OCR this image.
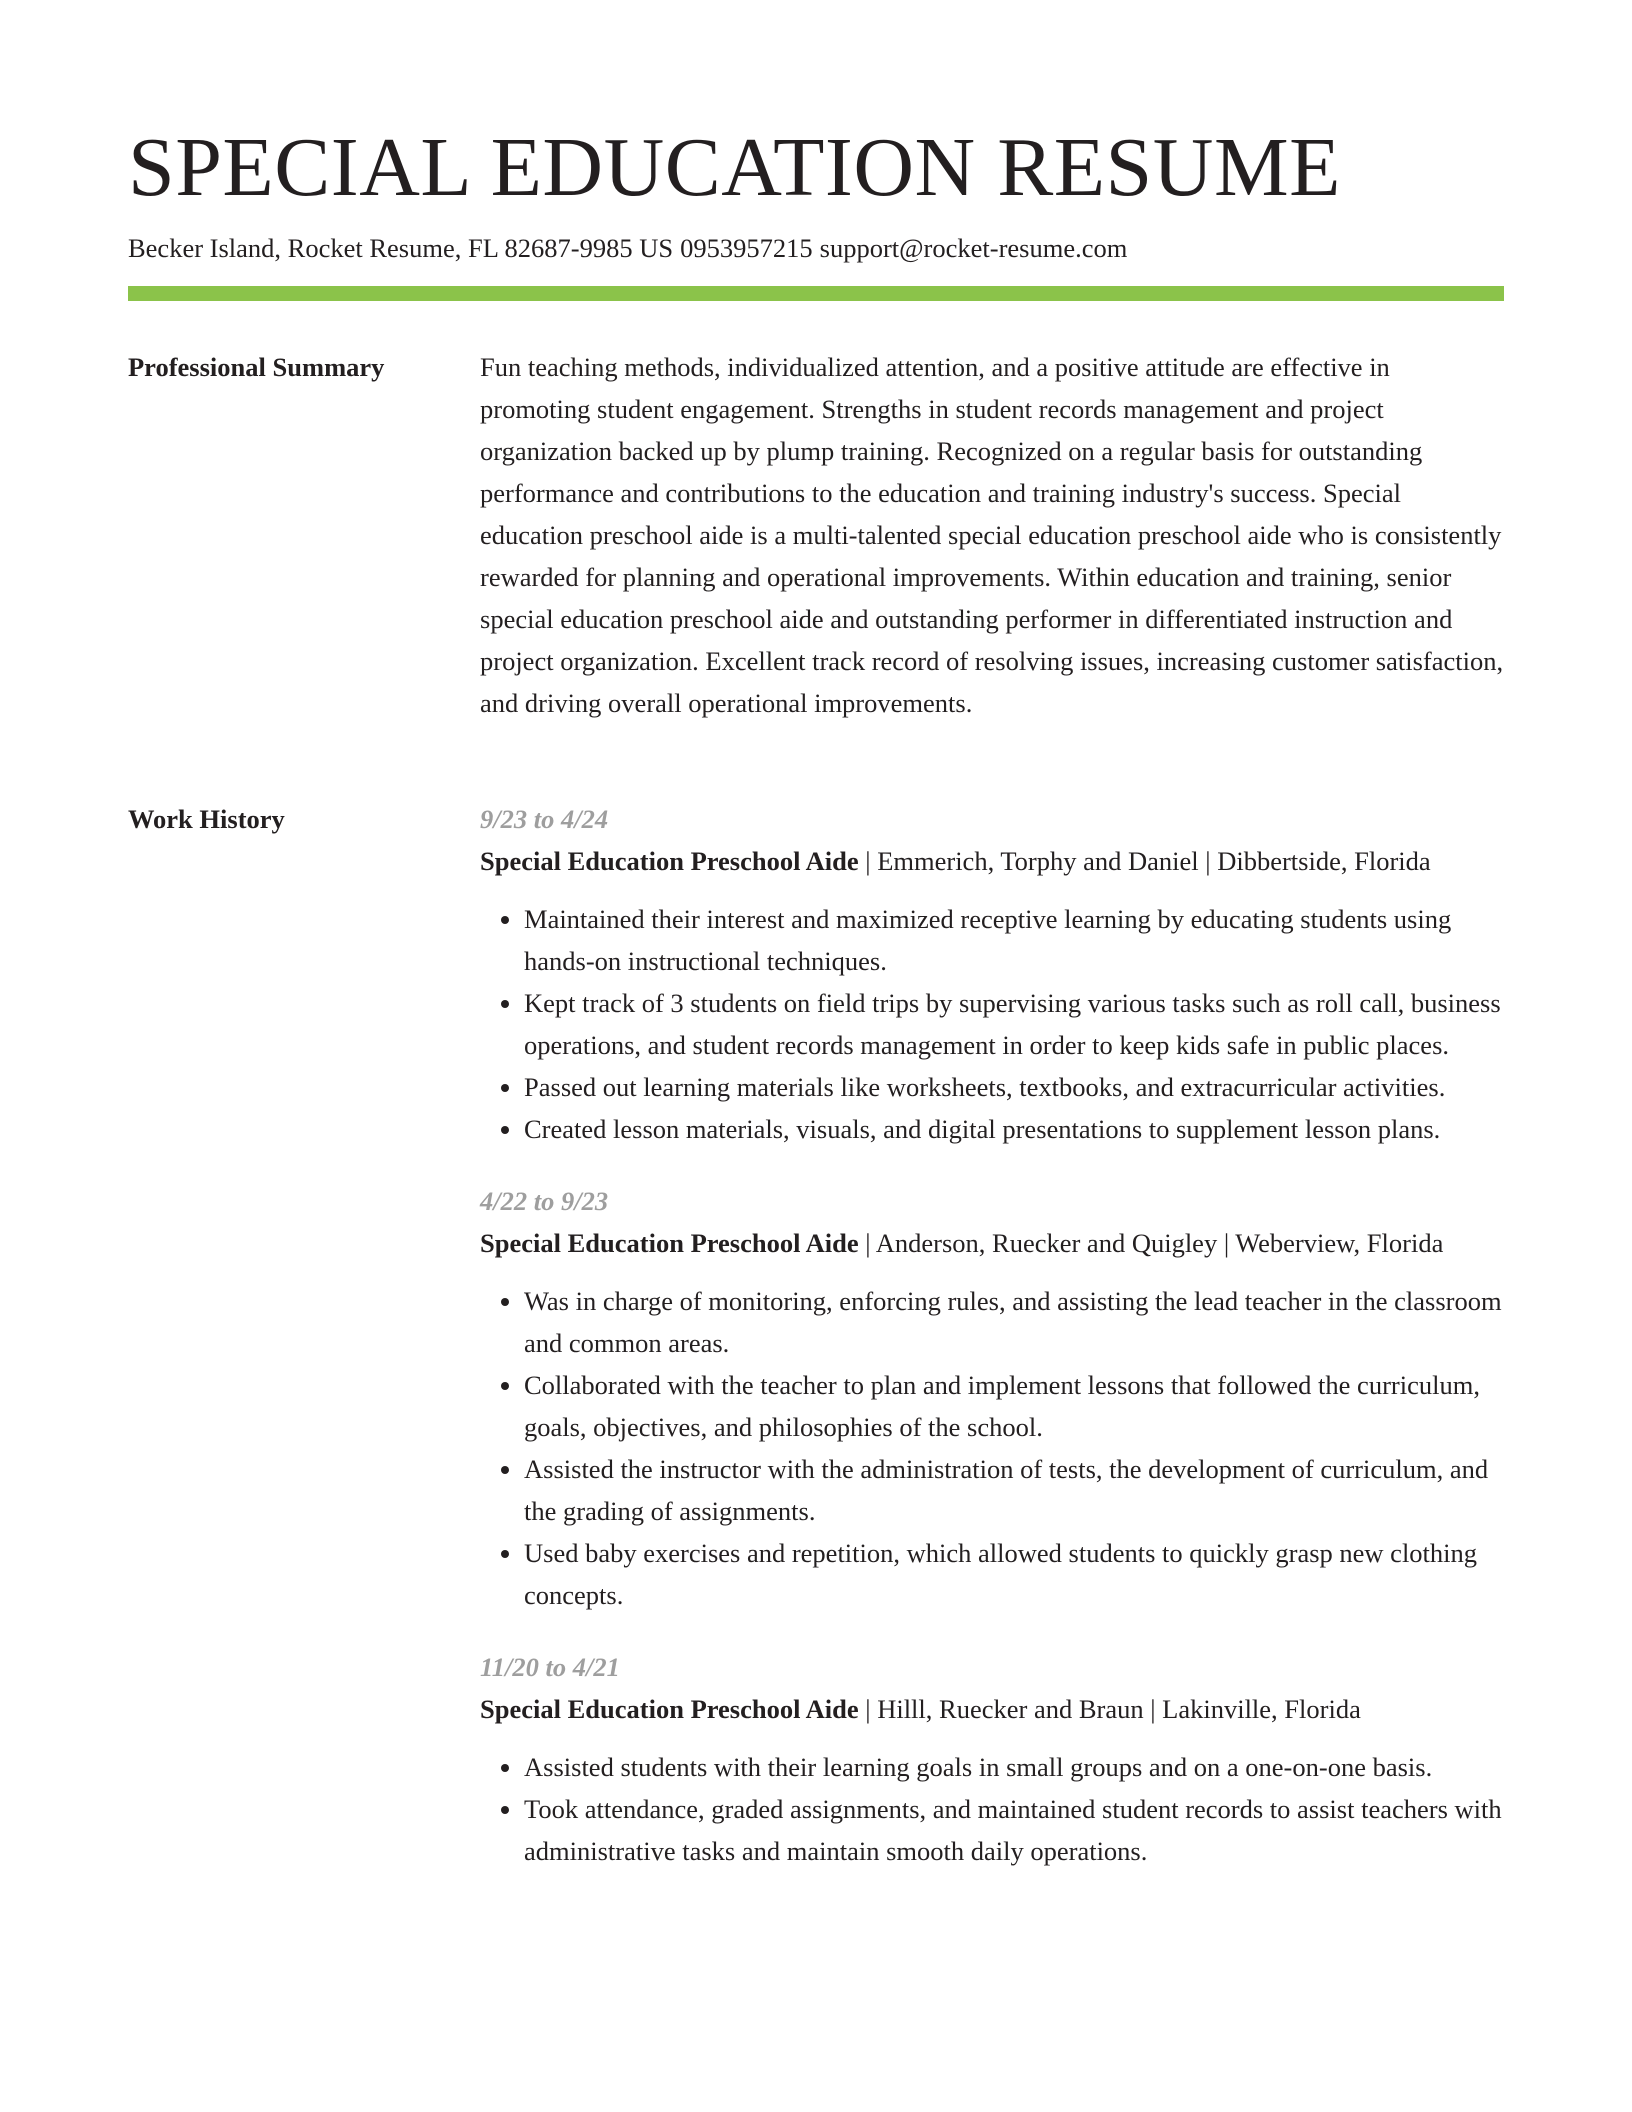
SPECIAL EDUCATION RESUME
Becker Island, Rocket Resume, FL 82687-9985 US 0953957215 support@rocket-resume.com
Professional Summary	Fun teaching methods, individualized attention, and a positive attitude are effective in promoting student engagement. Strengths in student records management and project organization backed up by plump training. Recognized on a regular basis for outstanding performance and contributions to the education and training industry's success. Special education preschool aide is a multi-talented special education preschool aide who is consistently rewarded for planning and operational improvements. Within education and training, senior special education preschool aide and outstanding performer in differentiated instruction and project organization. Excellent track record of resolving issues, increasing customer satisfaction, and driving overall operational improvements.

Work History	9/23 to 4/24
Special Education Preschool Aide | Emmerich, Torphy and Daniel | Dibbertside, Florida
• Maintained their interest and maximized receptive learning by educating students using hands-on instructional techniques.
• Kept track of 3 students on field trips by supervising various tasks such as roll call, business operations, and student records management in order to keep kids safe in public places.
• Passed out learning materials like worksheets, textbooks, and extracurricular activities.
• Created lesson materials, visuals, and digital presentations to supplement lesson plans.
4/22 to 9/23
Special Education Preschool Aide | Anderson, Ruecker and Quigley | Weberview, Florida
• Was in charge of monitoring, enforcing rules, and assisting the lead teacher in the classroom and common areas.
• Collaborated with the teacher to plan and implement lessons that followed the curriculum, goals, objectives, and philosophies of the school.
• Assisted the instructor with the administration of tests, the development of curriculum, and the grading of assignments.
• Used baby exercises and repetition, which allowed students to quickly grasp new clothing concepts.
11/20 to 4/21
Special Education Preschool Aide | Hilll, Ruecker and Braun | Lakinville, Florida
• Assisted students with their learning goals in small groups and on a one-on-one basis.
• Took attendance, graded assignments, and maintained student records to assist teachers with administrative tasks and maintain smooth daily operations.
